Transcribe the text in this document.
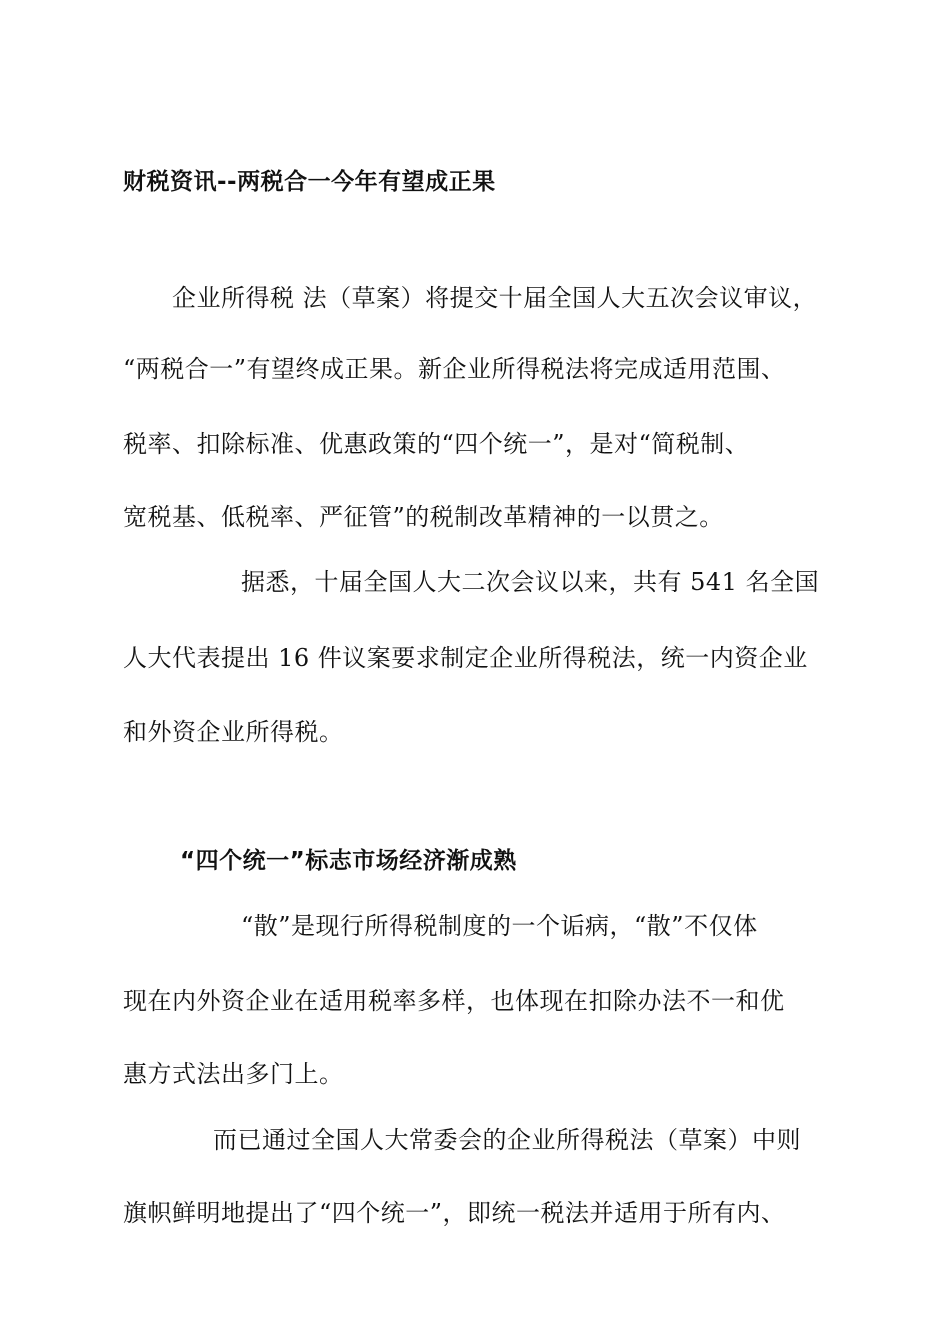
财税资讯--两税合一今年有望成正果
企业所得税 法（草案）将提交十届全国人大五次会议审议，
“两税合一”有望终成正果。新企业所得税法将完成适用范围、
税率、扣除标准、优惠政策的“四个统一”，是对“简税制、
宽税基、低税率、严征管”的税制改革精神的一以贯之。
据悉，十届全国人大二次会议以来，共有 541 名全国
人大代表提出 16 件议案要求制定企业所得税法，统一内资企业
和外资企业所得税。
“四个统一”标志市场经济渐成熟
“散”是现行所得税制度的一个诟病，“散”不仅体
现在内外资企业在适用税率多样，也体现在扣除办法不一和优
惠方式法出多门上。
而已通过全国人大常委会的企业所得税法（草案）中则
旗帜鲜明地提出了“四个统一”，即统一税法并适用于所有内、
